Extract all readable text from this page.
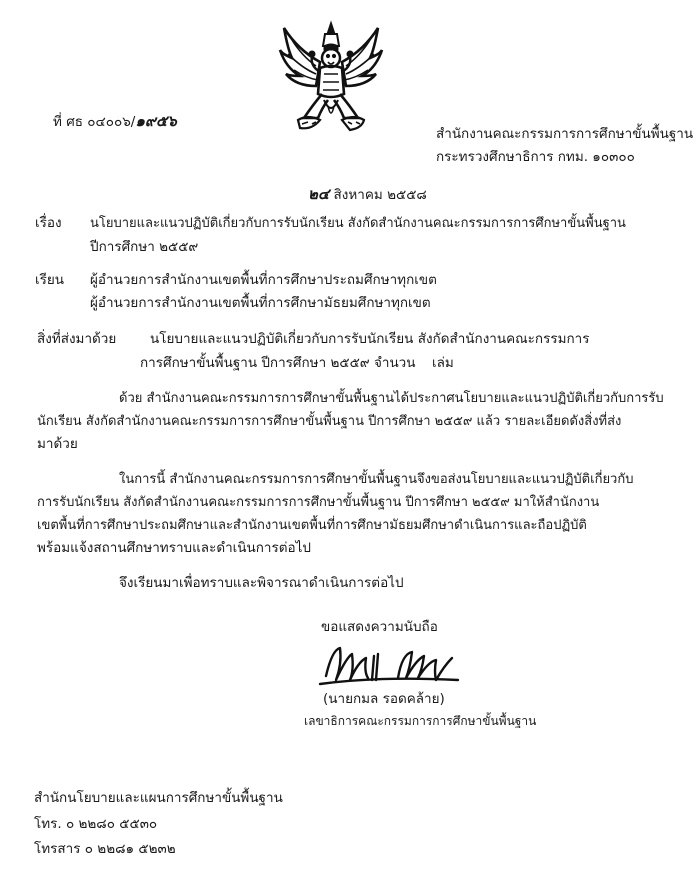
ที่ ศธ ๐๔๐๐๖/๑๙๕๖
สำนักงานคณะกรรมการการศึกษาขั้นพื้นฐาน
กระทรวงศึกษาธิการ กทม. ๑๐๓๐๐
๒๔ สิงหาคม ๒๕๕๘
เรื่อง นโยบายและแนวปฏิบัติเกี่ยวกับการรับนักเรียน สังกัดสำนักงานคณะกรรมการการศึกษาขั้นพื้นฐาน
ปีการศึกษา ๒๕๕๙
เรียน ผู้อำนวยการสำนักงานเขตพื้นที่การศึกษาประถมศึกษาทุกเขต
ผู้อำนวยการสำนักงานเขตพื้นที่การศึกษามัธยมศึกษาทุกเขต
สิ่งที่ส่งมาด้วย นโยบายและแนวปฏิบัติเกี่ยวกับการรับนักเรียน สังกัดสำนักงานคณะกรรมการ
การศึกษาขั้นพื้นฐาน ปีการศึกษา ๒๕๕๙ จำนวน เล่ม
ด้วย สำนักงานคณะกรรมการการศึกษาขั้นพื้นฐานได้ประกาศนโยบายและแนวปฏิบัติเกี่ยวกับการรับ
นักเรียน สังกัดสำนักงานคณะกรรมการการศึกษาขั้นพื้นฐาน ปีการศึกษา ๒๕๕๙ แล้ว รายละเอียดดังสิ่งที่ส่ง
มาด้วย
ในการนี้ สำนักงานคณะกรรมการการศึกษาขั้นพื้นฐานจึงขอส่งนโยบายและแนวปฏิบัติเกี่ยวกับ
การรับนักเรียน สังกัดสำนักงานคณะกรรมการการศึกษาขั้นพื้นฐาน ปีการศึกษา ๒๕๕๙ มาให้สำนักงาน
เขตพื้นที่การศึกษาประถมศึกษาและสำนักงานเขตพื้นที่การศึกษามัธยมศึกษาดำเนินการและถือปฏิบัติ
พร้อมแจ้งสถานศึกษาทราบและดำเนินการต่อไป
จึงเรียนมาเพื่อทราบและพิจารณาดำเนินการต่อไป
ขอแสดงความนับถือ
(นายกมล รอดคล้าย)
เลขาธิการคณะกรรมการการศึกษาขั้นพื้นฐาน
สำนักนโยบายและแผนการศึกษาขั้นพื้นฐาน
โทร. ๐ ๒๒๘๐ ๕๕๓๐
โทรสาร ๐ ๒๒๘๑ ๕๒๓๒
